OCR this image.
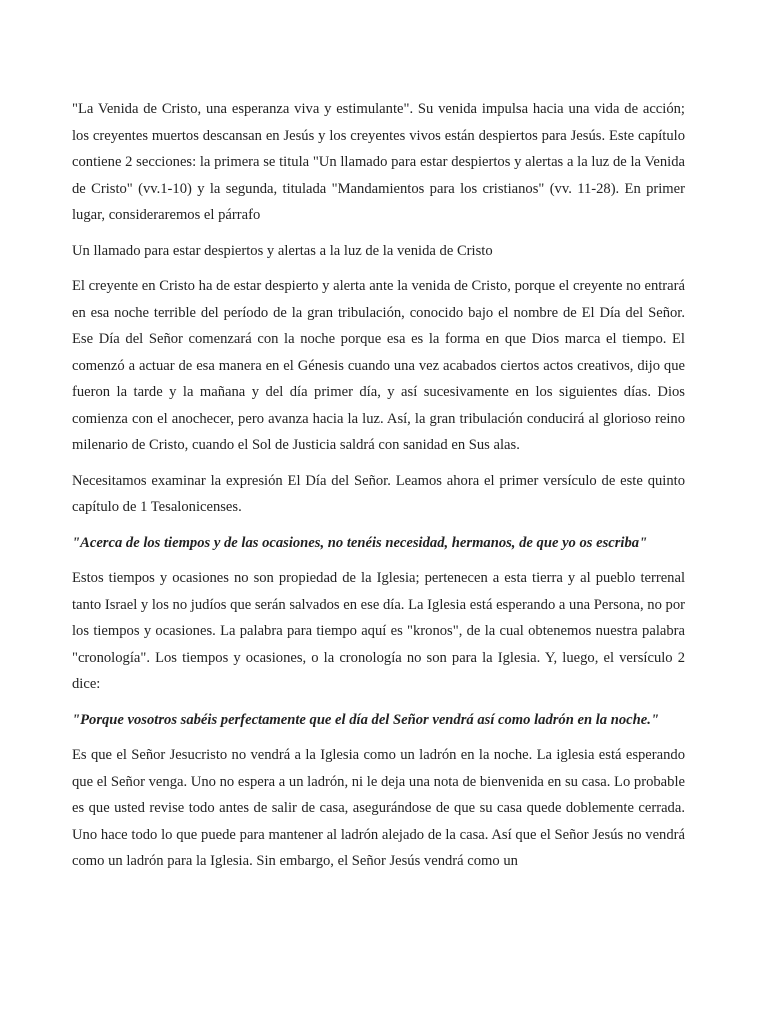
"La Venida de Cristo, una esperanza viva y estimulante". Su venida impulsa hacia una vida de acción; los creyentes muertos descansan en Jesús y los creyentes vivos están despiertos para Jesús. Este capítulo contiene 2 secciones: la primera se titula "Un llamado para estar despiertos y alertas a la luz de la Venida de Cristo" (vv.1-10) y la segunda, titulada "Mandamientos para los cristianos" (vv. 11-28). En primer lugar, consideraremos el párrafo

Un llamado para estar despiertos y alertas a la luz de la venida de Cristo

El creyente en Cristo ha de estar despierto y alerta ante la venida de Cristo, porque el creyente no entrará en esa noche terrible del período de la gran tribulación, conocido bajo el nombre de El Día del Señor. Ese Día del Señor comenzará con la noche porque esa es la forma en que Dios marca el tiempo. El comenzó a actuar de esa manera en el Génesis cuando una vez acabados ciertos actos creativos, dijo que fueron la tarde y la mañana y del día primer día, y así sucesivamente en los siguientes días. Dios comienza con el anochecer, pero avanza hacia la luz. Así, la gran tribulación conducirá al glorioso reino milenario de Cristo, cuando el Sol de Justicia saldrá con sanidad en Sus alas.

Necesitamos examinar la expresión El Día del Señor. Leamos ahora el primer versículo de este quinto capítulo de 1 Tesalonicenses.

"Acerca de los tiempos y de las ocasiones, no tenéis necesidad, hermanos, de que yo os escriba"

Estos tiempos y ocasiones no son propiedad de la Iglesia; pertenecen a esta tierra y al pueblo terrenal tanto Israel y los no judíos que serán salvados en ese día. La Iglesia está esperando a una Persona, no por los tiempos y ocasiones. La palabra para tiempo aquí es "kronos", de la cual obtenemos nuestra palabra "cronología". Los tiempos y ocasiones, o la cronología no son para la Iglesia. Y, luego, el versículo 2 dice:

"Porque vosotros sabéis perfectamente que el día del Señor vendrá así como ladrón en la noche."

Es que el Señor Jesucristo no vendrá a la Iglesia como un ladrón en la noche. La iglesia está esperando que el Señor venga. Uno no espera a un ladrón, ni le deja una nota de bienvenida en su casa. Lo probable es que usted revise todo antes de salir de casa, asegurándose de que su casa quede doblemente cerrada. Uno hace todo lo que puede para mantener al ladrón alejado de la casa. Así que el Señor Jesús no vendrá como un ladrón para la Iglesia. Sin embargo, el Señor Jesús vendrá como un
